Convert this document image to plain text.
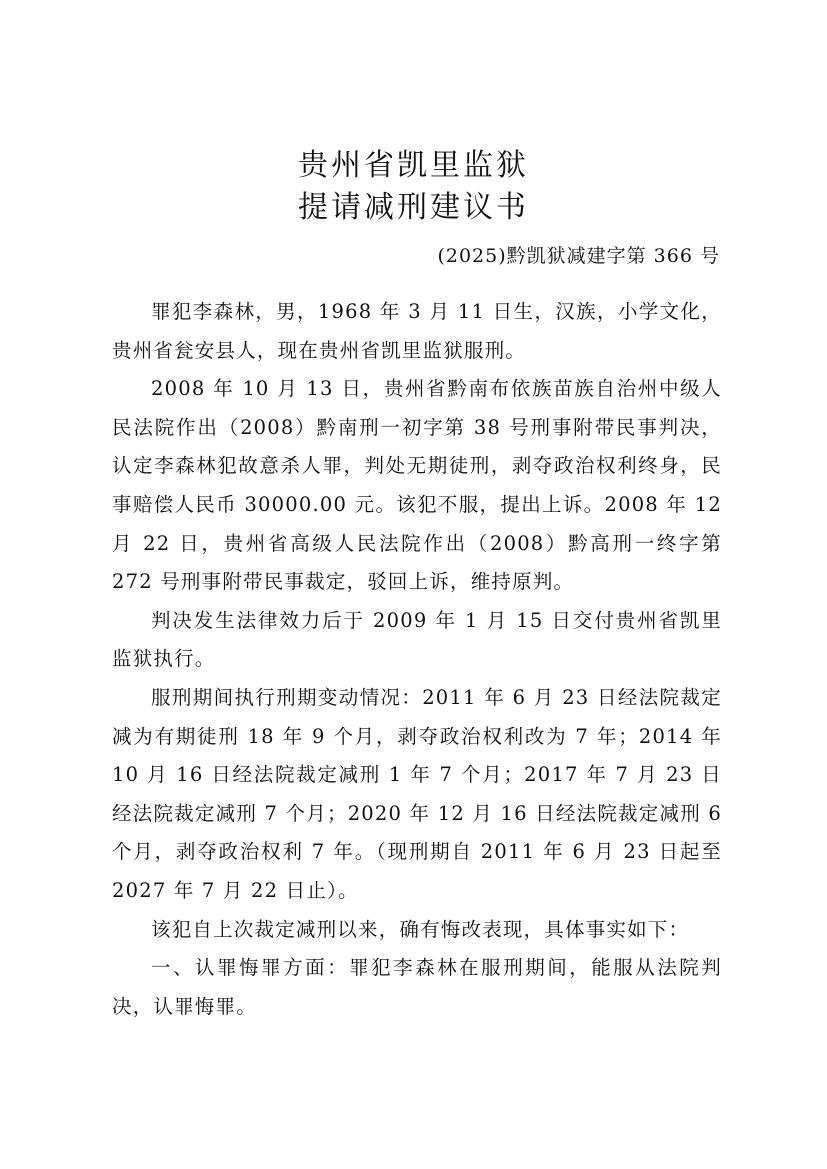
贵州省凯里监狱
提请减刑建议书
(2025)黔凯狱减建字第 366 号

罪犯李森林，男，1968 年 3 月 11 日生，汉族，小学文化，贵州省瓮安县人，现在贵州省凯里监狱服刑。

2008 年 10 月 13 日，贵州省黔南布依族苗族自治州中级人民法院作出（2008）黔南刑一初字第 38 号刑事附带民事判决，认定李森林犯故意杀人罪，判处无期徒刑，剥夺政治权利终身，民事赔偿人民币 30000.00 元。该犯不服，提出上诉。2008 年 12 月 22 日，贵州省高级人民法院作出（2008）黔高刑一终字第 272 号刑事附带民事裁定，驳回上诉，维持原判。

判决发生法律效力后于 2009 年 1 月 15 日交付贵州省凯里监狱执行。

服刑期间执行刑期变动情况：2011 年 6 月 23 日经法院裁定减为有期徒刑 18 年 9 个月，剥夺政治权利改为 7 年；2014 年 10 月 16 日经法院裁定减刑 1 年 7 个月；2017 年 7 月 23 日经法院裁定减刑 7 个月；2020 年 12 月 16 日经法院裁定减刑 6 个月，剥夺政治权利 7 年。（现刑期自 2011 年 6 月 23 日起至 2027 年 7 月 22 日止）。

该犯自上次裁定减刑以来，确有悔改表现，具体事实如下：

一、认罪悔罪方面：罪犯李森林在服刑期间，能服从法院判决，认罪悔罪。
